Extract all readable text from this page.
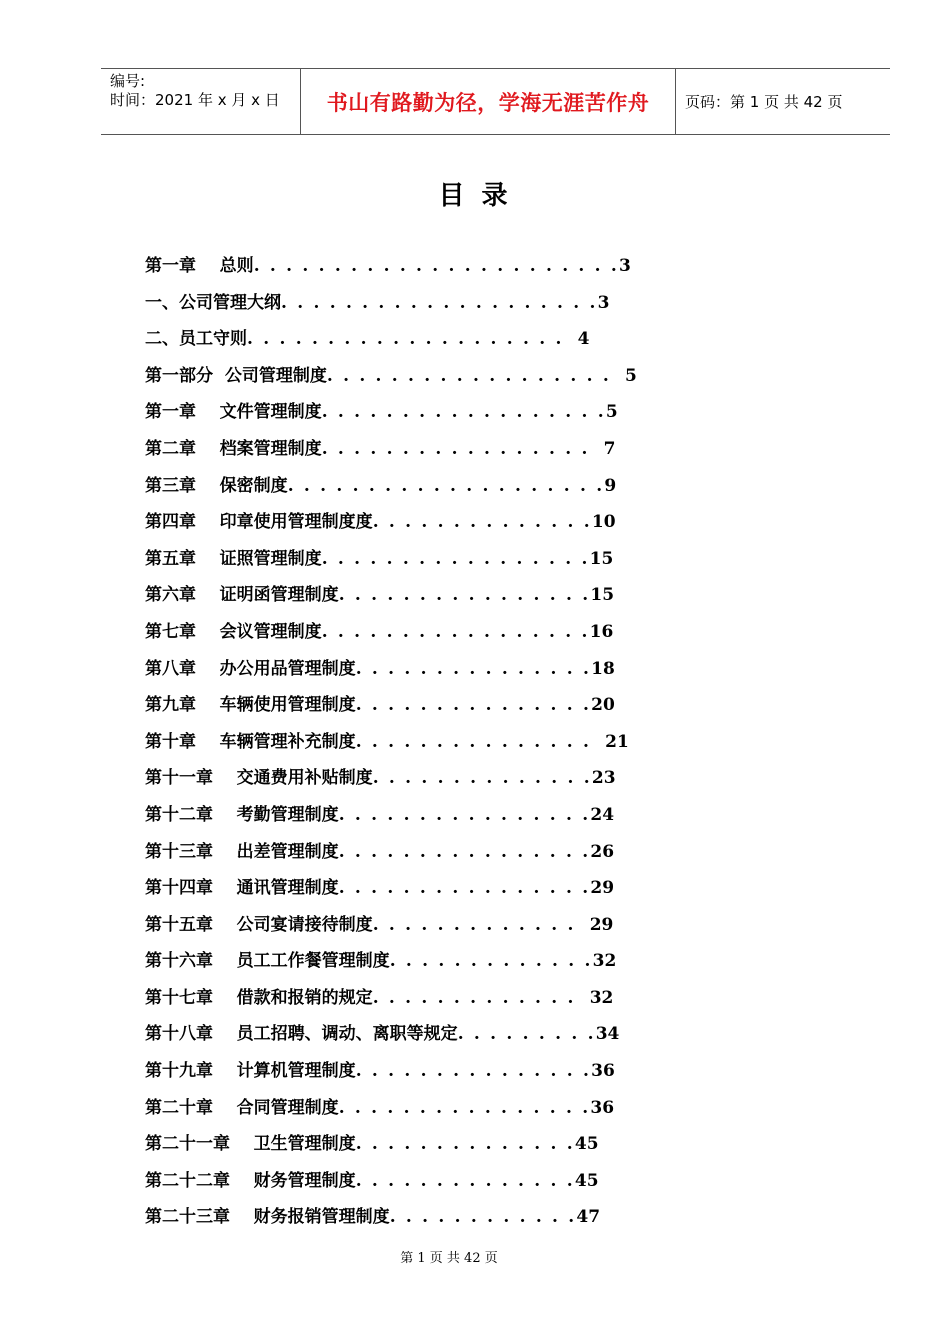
编号:
时间：2021 年 x 月 x 日	书山有路勤为径，学海无涯苦作舟	页码：第 1 页 共 42 页
目 录
第一章    总则. . . . . . . . . . . . . . . . . . . . . . .3
一、公司管理大纲. . . . . . . . . . . . . . . . . . . .3
二、员工守则. . . . . . . . . . . . . . . . . . . .  4
第一部分  公司管理制度. . . . . . . . . . . . . . . . . .  5
第一章    文件管理制度. . . . . . . . . . . . . . . . . .5
第二章    档案管理制度. . . . . . . . . . . . . . . . .  7
第三章    保密制度. . . . . . . . . . . . . . . . . . . .9
第四章    印章使用管理制度度. . . . . . . . . . . . . .10
第五章    证照管理制度. . . . . . . . . . . . . . . . .15
第六章    证明函管理制度. . . . . . . . . . . . . . . .15
第七章    会议管理制度. . . . . . . . . . . . . . . . .16
第八章    办公用品管理制度. . . . . . . . . . . . . . .18
第九章    车辆使用管理制度. . . . . . . . . . . . . . .20
第十章    车辆管理补充制度. . . . . . . . . . . . . . .  21
第十一章    交通费用补贴制度. . . . . . . . . . . . . .23
第十二章    考勤管理制度. . . . . . . . . . . . . . . .24
第十三章    出差管理制度. . . . . . . . . . . . . . . .26
第十四章    通讯管理制度. . . . . . . . . . . . . . . .29
第十五章    公司宴请接待制度. . . . . . . . . . . . .  29
第十六章    员工工作餐管理制度. . . . . . . . . . . . .32
第十七章    借款和报销的规定. . . . . . . . . . . . .  32
第十八章    员工招聘、调动、离职等规定. . . . . . . . .34
第十九章    计算机管理制度. . . . . . . . . . . . . . .36
第二十章    合同管理制度. . . . . . . . . . . . . . . .36
第二十一章    卫生管理制度. . . . . . . . . . . . . .45
第二十二章    财务管理制度. . . . . . . . . . . . . .45
第二十三章    财务报销管理制度. . . . . . . . . . . .47
第 1 页 共 42 页
